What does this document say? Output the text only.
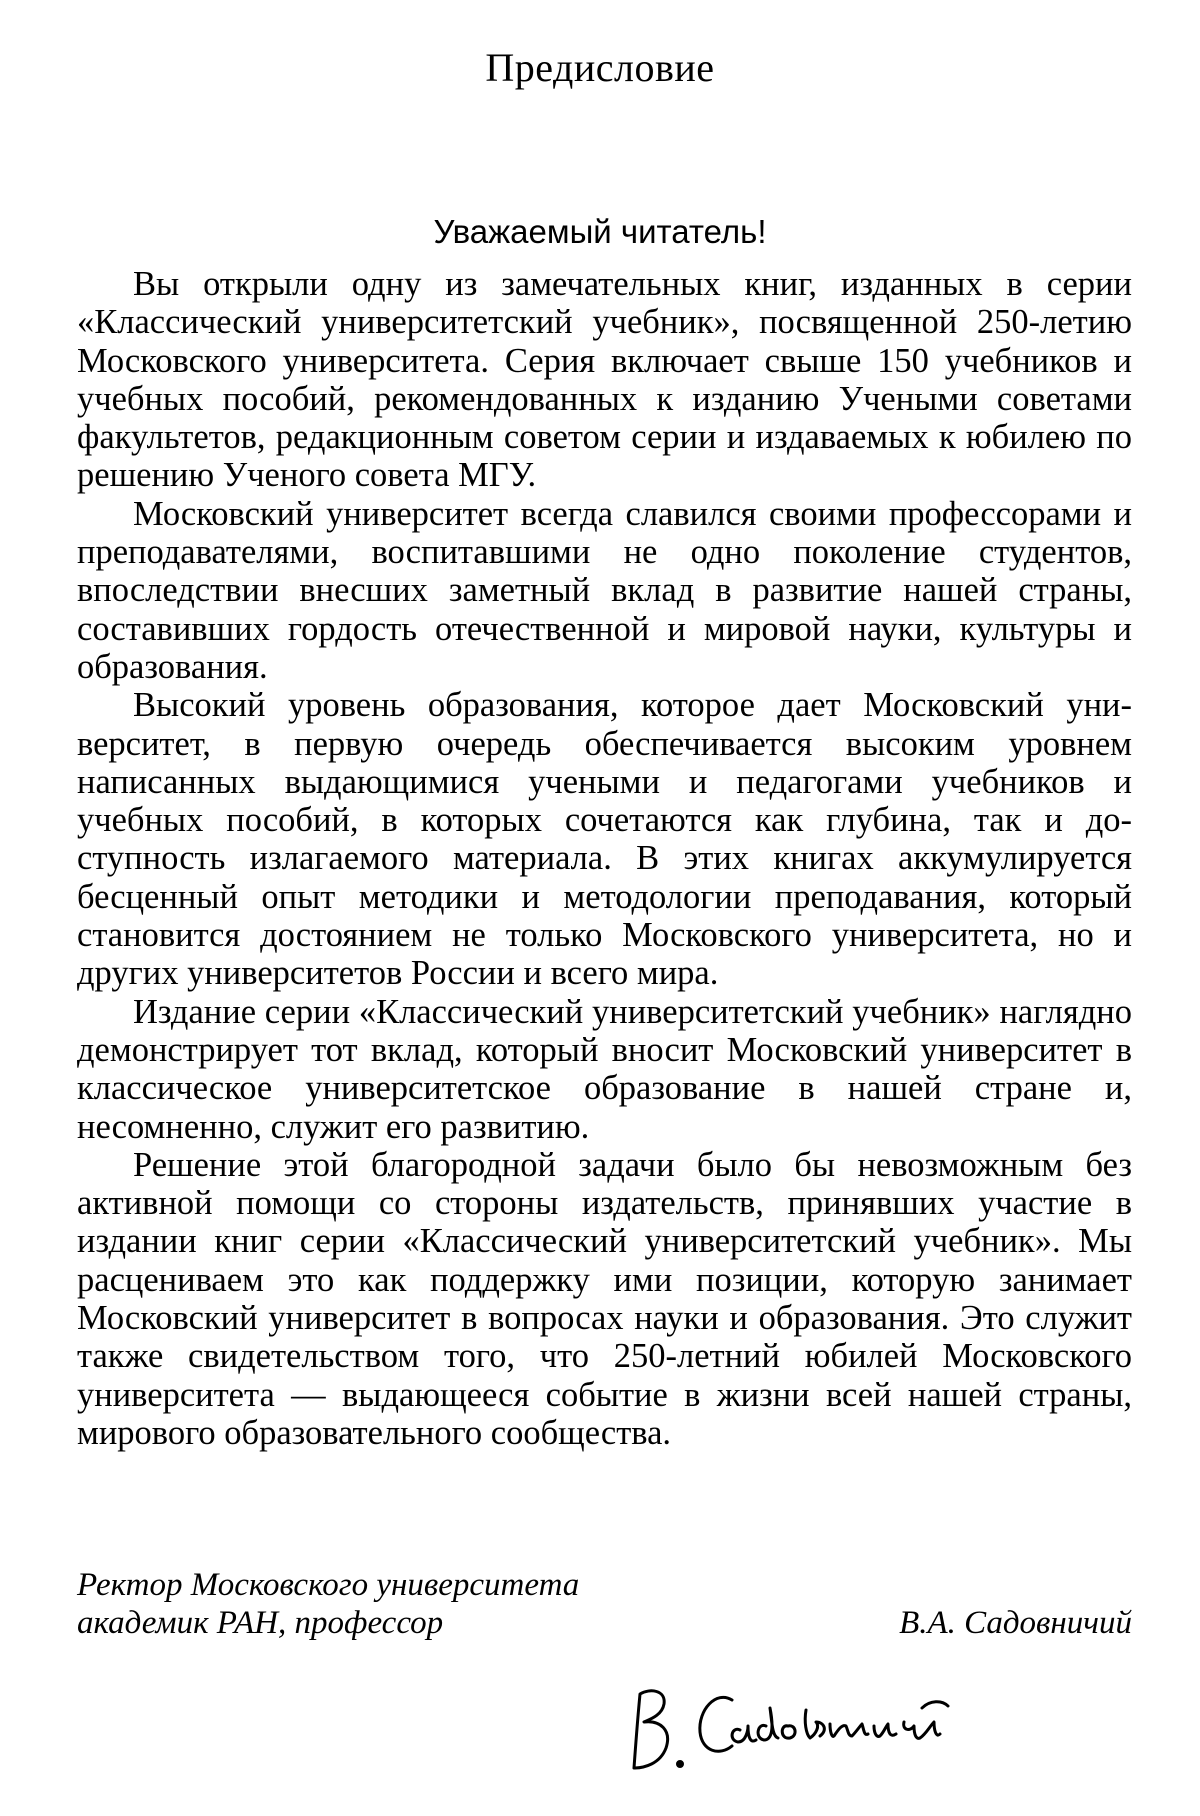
Предисловие
Уважаемый читатель!

Вы открыли одну из замечательных книг, изданных в серии «Классический университетский учебник», посвященной 250-летию Московского университета. Серия включает свыше 150 учебников и учебных пособий, рекомендованных к изданию Учеными советами факультетов, редакционным советом серии и издаваемых к юбилею по решению Ученого совета МГУ.

Московский университет всегда славился своими профессорами и преподавателями, воспитавшими не одно поколение студентов, впоследствии внесших заметный вклад в развитие нашей страны, составивших гордость отечественной и мировой науки, культуры и образования.

Высокий уровень образования, которое дает Московский университет, в первую очередь обеспечивается высоким уровнем написанных выдающимися учеными и педагогами учебников и учебных пособий, в которых сочетаются как глубина, так и доступность излагаемого материала. В этих книгах аккумулируется бесценный опыт методики и методологии преподавания, который становится достоянием не только Московского университета, но и других университетов России и всего мира.

Издание серии «Классический университетский учебник» наглядно демонстрирует тот вклад, который вносит Московский университет в классическое университетское образование в нашей стране и, несомненно, служит его развитию.

Решение этой благородной задачи было бы невозможным без активной помощи со стороны издательств, принявших участие в издании книг серии «Классический университетский учебник». Мы расцениваем это как поддержку ими позиции, которую занимает Московский университет в вопросах науки и образования. Это служит также свидетельством того, что 250-летний юбилей Московского университета — выдающееся событие в жизни всей нашей страны, мирового образовательного сообщества.

Ректор Московского университета
академик РАН, профессор	В.А. Садовничий
